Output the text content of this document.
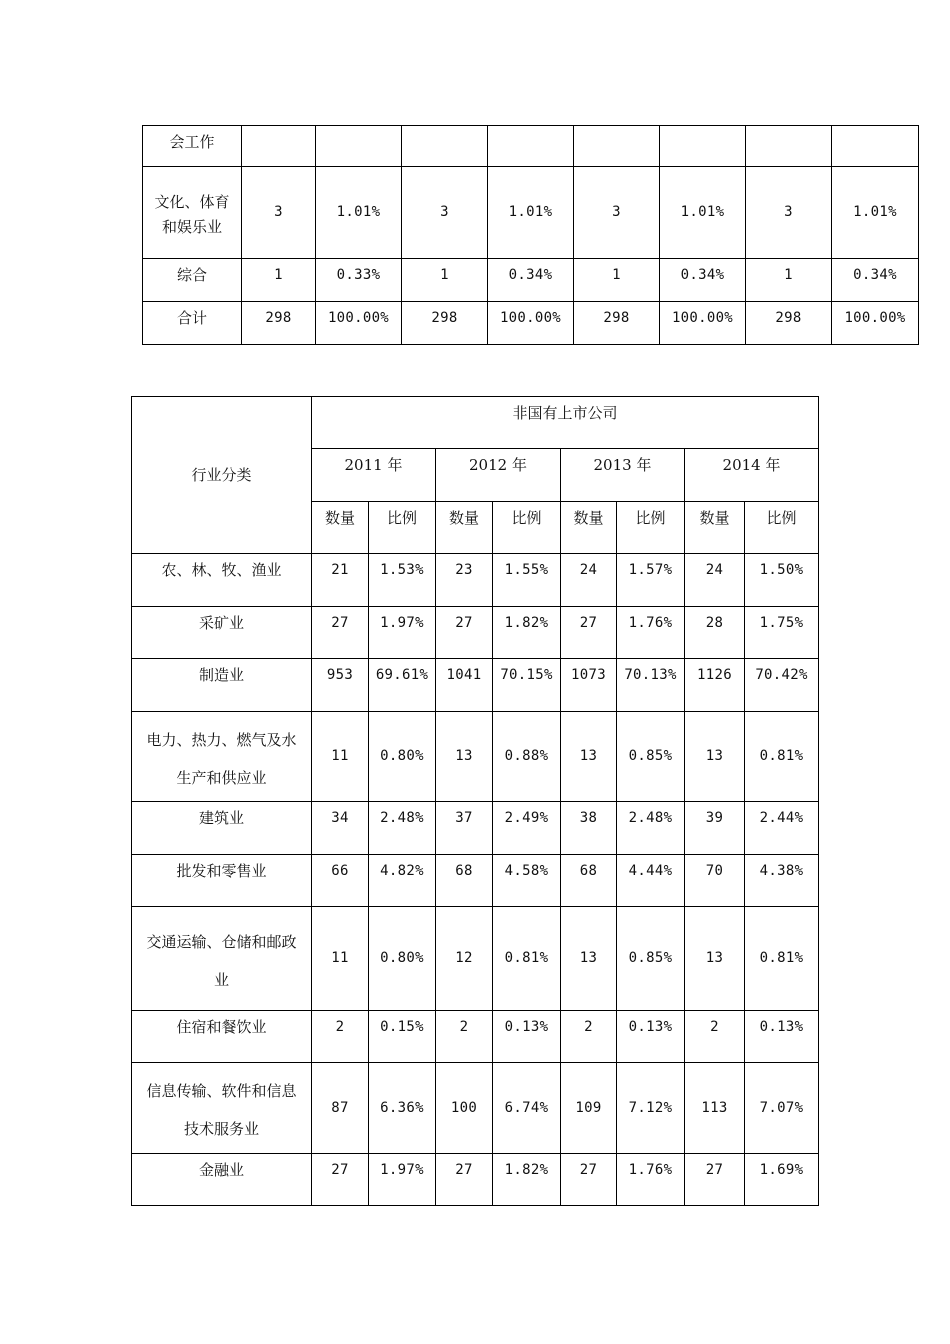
会工作								
文化、体育和娱乐业	3	1.01%	3	1.01%	3	1.01%	3	1.01%
综合	1	0.33%	1	0.34%	1	0.34%	1	0.34%
合计	298	100.00%	298	100.00%	298	100.00%	298	100.00%
行业分类	非国有上市公司							
	2011 年		2012 年		2013 年		2014 年	
	数量	比例	数量	比例	数量	比例	数量	比例
农、林、牧、渔业	21	1.53%	23	1.55%	24	1.57%	24	1.50%
采矿业	27	1.97%	27	1.82%	27	1.76%	28	1.75%
制造业	953	69.61%	1041	70.15%	1073	70.13%	1126	70.42%
电力、热力、燃气及水生产和供应业	11	0.80%	13	0.88%	13	0.85%	13	0.81%
建筑业	34	2.48%	37	2.49%	38	2.48%	39	2.44%
批发和零售业	66	4.82%	68	4.58%	68	4.44%	70	4.38%
交通运输、仓储和邮政业	11	0.80%	12	0.81%	13	0.85%	13	0.81%
住宿和餐饮业	2	0.15%	2	0.13%	2	0.13%	2	0.13%
信息传输、软件和信息技术服务业	87	6.36%	100	6.74%	109	7.12%	113	7.07%
金融业	27	1.97%	27	1.82%	27	1.76%	27	1.69%
